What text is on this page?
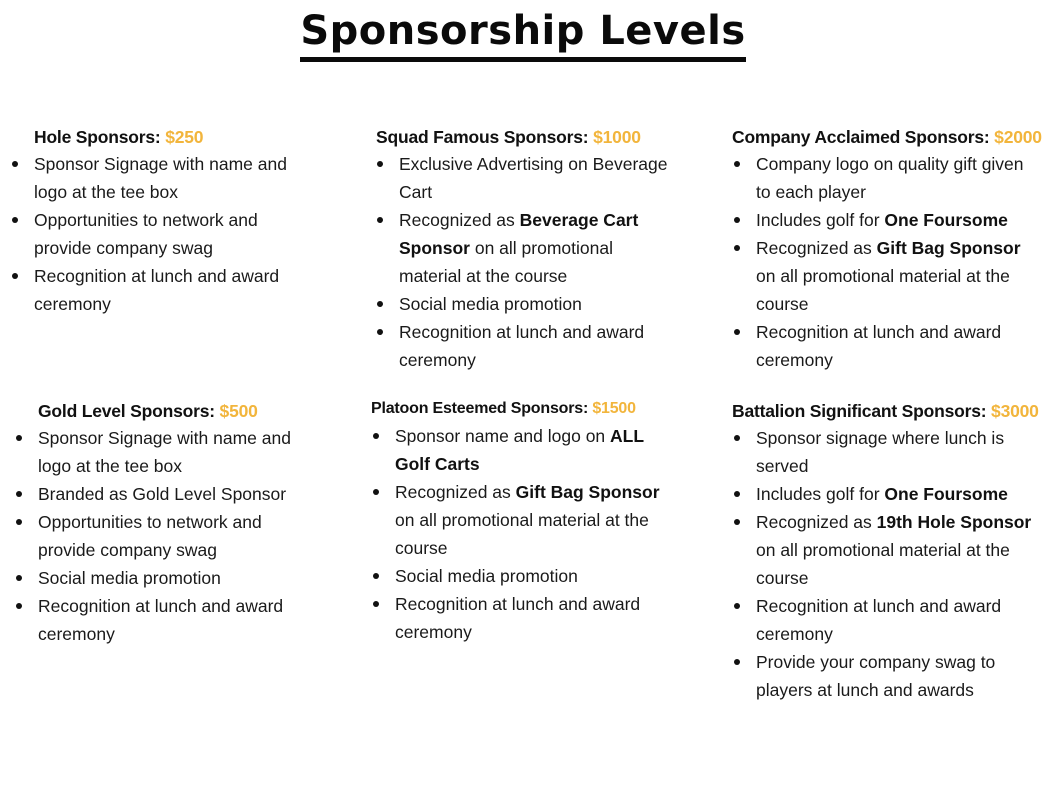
Sponsorship Levels
Hole Sponsors: $250
Sponsor Signage with name and logo at the tee box
Opportunities to network and provide company swag
Recognition at lunch and award ceremony
Squad Famous Sponsors: $1000
Exclusive Advertising on Beverage Cart
Recognized as Beverage Cart Sponsor on all promotional material at the course
Social media promotion
Recognition at lunch and award ceremony
Company Acclaimed Sponsors: $2000
Company logo on quality gift given to each player
Includes golf for One Foursome
Recognized as Gift Bag Sponsor on all promotional material at the course
Recognition at lunch and award ceremony
Gold Level Sponsors: $500
Sponsor Signage with name and logo at the tee box
Branded as Gold Level Sponsor
Opportunities to network and provide company swag
Social media promotion
Recognition at lunch and award ceremony
Platoon Esteemed Sponsors: $1500
Sponsor name and logo on ALL Golf Carts
Recognized as Gift Bag Sponsor on all promotional material at the course
Social media promotion
Recognition at lunch and award ceremony
Battalion Significant Sponsors: $3000
Sponsor signage where lunch is served
Includes golf for One Foursome
Recognized as 19th Hole Sponsor on all promotional material at the course
Recognition at lunch and award ceremony
Provide your company swag to players at lunch and awards
